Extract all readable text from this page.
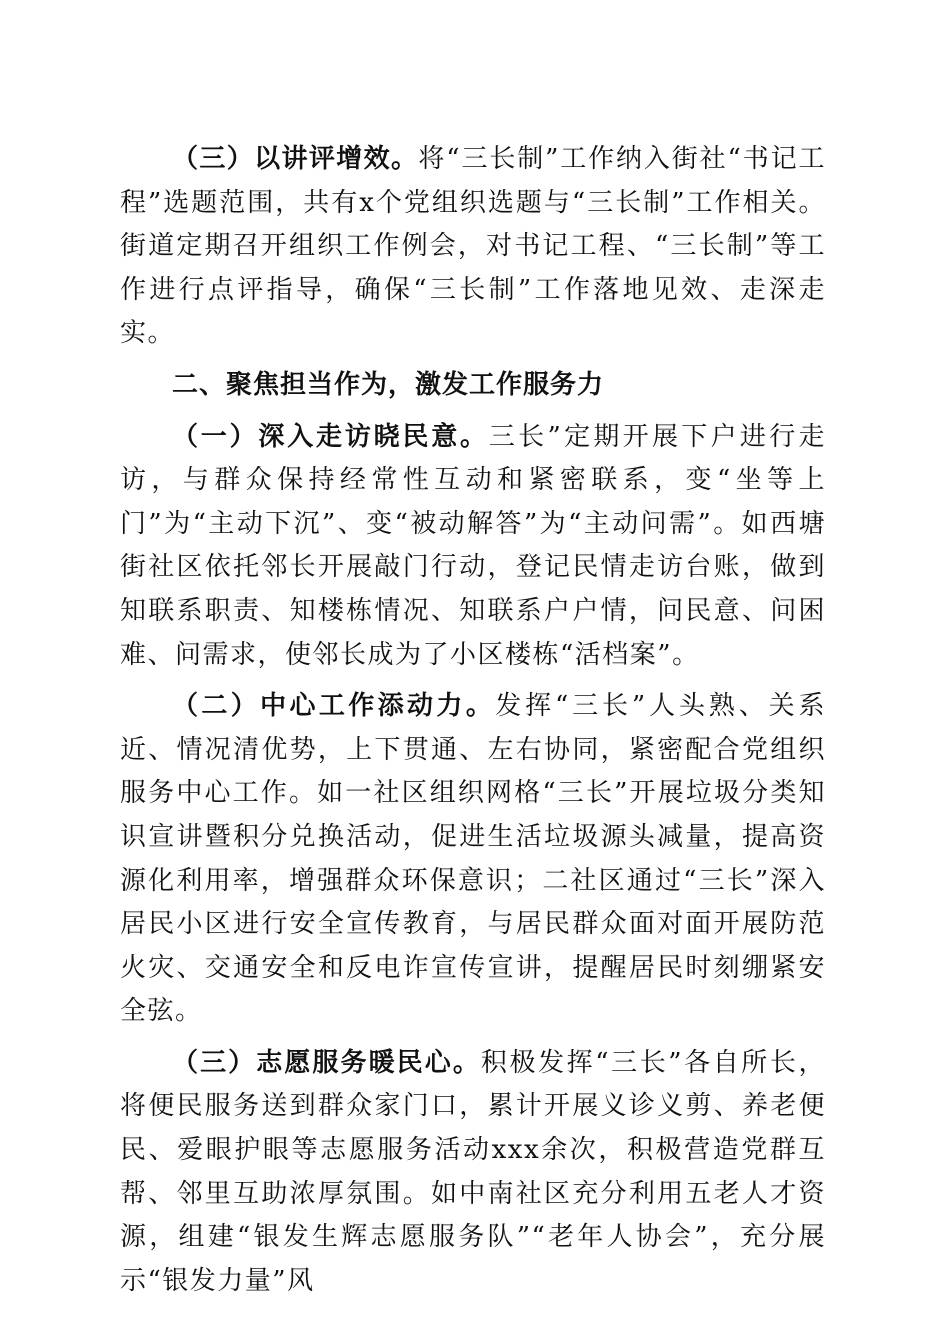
（三）以讲评增效。将“三长制”工作纳入街社“书记工程”选题范围，共有x个党组织选题与“三长制”工作相关。街道定期召开组织工作例会，对书记工程、“三长制”等工作进行点评指导，确保“三长制”工作落地见效、走深走实。

二、聚焦担当作为，激发工作服务力

（一）深入走访晓民意。三长”定期开展下户进行走访，与群众保持经常性互动和紧密联系，变“坐等上门”为“主动下沉”、变“被动解答”为“主动问需”。如西塘街社区依托邻长开展敲门行动，登记民情走访台账，做到知联系职责、知楼栋情况、知联系户户情，问民意、问困难、问需求，使邻长成为了小区楼栋“活档案”。

（二）中心工作添动力。发挥“三长”人头熟、关系近、情况清优势，上下贯通、左右协同，紧密配合党组织服务中心工作。如一社区组织网格“三长”开展垃圾分类知识宣讲暨积分兑换活动，促进生活垃圾源头减量，提高资源化利用率，增强群众环保意识；二社区通过“三长”深入居民小区进行安全宣传教育，与居民群众面对面开展防范火灾、交通安全和反电诈宣传宣讲，提醒居民时刻绷紧安全弦。

（三）志愿服务暖民心。积极发挥“三长”各自所长，将便民服务送到群众家门口，累计开展义诊义剪、养老便民、爱眼护眼等志愿服务活动xxx余次，积极营造党群互帮、邻里互助浓厚氛围。如中南社区充分利用五老人才资源，组建“银发生辉志愿服务队”“老年人协会”，充分展示“银发力量”风
